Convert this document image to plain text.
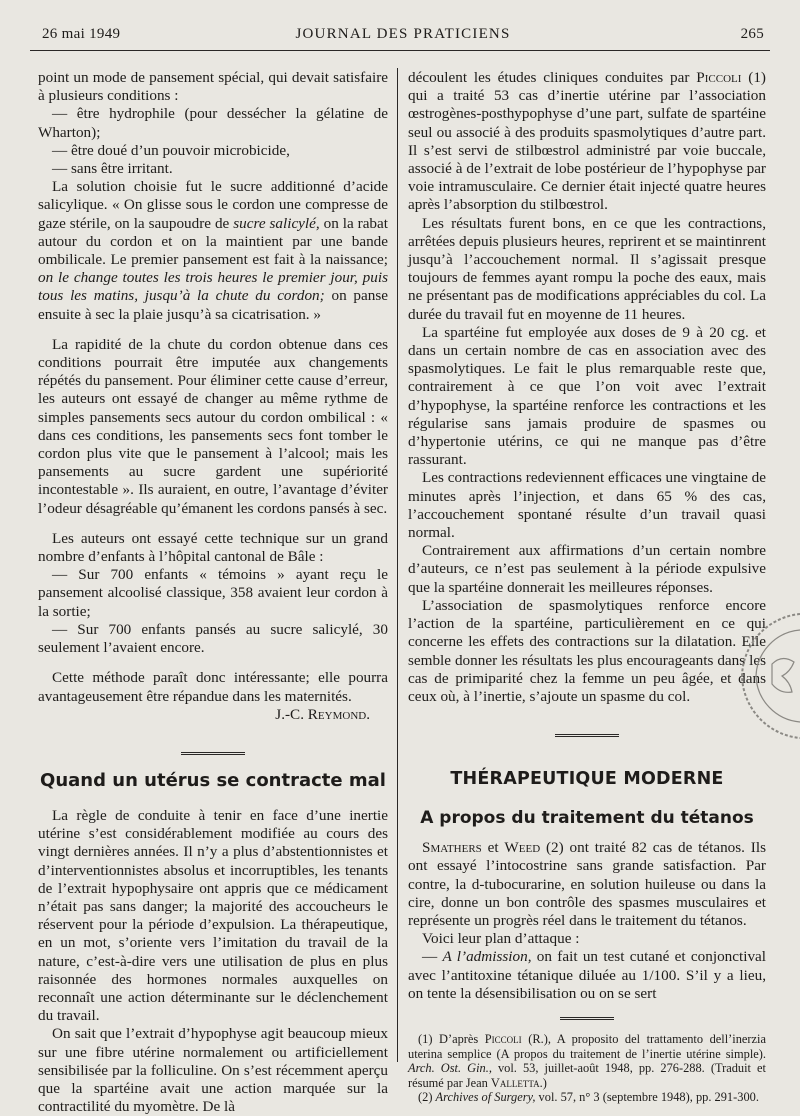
26 mai 1949	JOURNAL DES PRATICIENS	265

point un mode de pansement spécial, qui devait satisfaire à plusieurs conditions :

— être hydrophile (pour dessécher la gélatine de Wharton);

— être doué d’un pouvoir microbicide,

— sans être irritant.

La solution choisie fut le sucre additionné d’acide salicylique. « On glisse sous le cordon une compresse de gaze stérile, on la saupoudre de sucre salicylé, on la rabat autour du cordon et on la maintient par une bande ombilicale. Le premier pansement est fait à la naissance; on le change toutes les trois heures le premier jour, puis tous les matins, jusqu’à la chute du cordon; on panse ensuite à sec la plaie jusqu’à sa cicatrisation. »

La rapidité de la chute du cordon obtenue dans ces conditions pourrait être imputée aux changements répétés du pansement. Pour éliminer cette cause d’erreur, les auteurs ont essayé de changer au même rythme de simples pansements secs autour du cordon ombilical : « dans ces conditions, les pansements secs font tomber le cordon plus vite que le pansement à l’alcool; mais les pansements au sucre gardent une supériorité incontestable ». Ils auraient, en outre, l’avantage d’éviter l’odeur désagréable qu’émanent les cordons pansés à sec.

Les auteurs ont essayé cette technique sur un grand nombre d’enfants à l’hôpital cantonal de Bâle :

— Sur 700 enfants « témoins » ayant reçu le pansement alcoolisé classique, 358 avaient leur cordon à la sortie;

— Sur 700 enfants pansés au sucre salicylé, 30 seulement l’avaient encore.

Cette méthode paraît donc intéressante; elle pourra avantageusement être répandue dans les maternités.

J.-C. Reymond.

Quand un utérus se contracte mal

La règle de conduite à tenir en face d’une inertie utérine s’est considérablement modifiée au cours des vingt dernières années. Il n’y a plus d’abstentionnistes et d’interventionnistes absolus et incorruptibles, les tenants de l’extrait hypophysaire ont appris que ce médicament n’était pas sans danger; la majorité des accoucheurs le réservent pour la période d’expulsion. La thérapeutique, en un mot, s’oriente vers l’imitation du travail de la nature, c’est-à-dire vers une utilisation de plus en plus raisonnée des hormones normales auxquelles on reconnaît une action déterminante sur le déclenchement du travail.

On sait que l’extrait d’hypophyse agit beaucoup mieux sur une fibre utérine normalement ou artificiellement sensibilisée par la folliculine. On s’est récemment aperçu que la spartéine avait une action marquée sur la contractilité du myomètre. De là

découlent les études cliniques conduites par Piccoli (1) qui a traité 53 cas d’inertie utérine par l’association œstrogènes-posthypophyse d’une part, sulfate de spartéine seul ou associé à des produits spasmolytiques d’autre part. Il s’est servi de stilbœstrol administré par voie buccale, associé à de l’extrait de lobe postérieur de l’hypophyse par voie intramusculaire. Ce dernier était injecté quatre heures après l’absorption du stilbœstrol.

Les résultats furent bons, en ce que les contractions, arrêtées depuis plusieurs heures, reprirent et se maintinrent jusqu’à l’accouchement normal. Il s’agissait presque toujours de femmes ayant rompu la poche des eaux, mais ne présentant pas de modifications appréciables du col. La durée du travail fut en moyenne de 11 heures.

La spartéine fut employée aux doses de 9 à 20 cg. et dans un certain nombre de cas en association avec des spasmolytiques. Le fait le plus remarquable reste que, contrairement à ce que l’on voit avec l’extrait d’hypophyse, la spartéine renforce les contractions et les régularise sans jamais produire de spasmes ou d’hypertonie utérins, ce qui ne manque pas d’être rassurant.

Les contractions redeviennent efficaces une vingtaine de minutes après l’injection, et dans 65 % des cas, l’accouchement spontané résulte d’un travail quasi normal.

Contrairement aux affirmations d’un certain nombre d’auteurs, ce n’est pas seulement à la période expulsive que la spartéine donnerait les meilleures réponses.

L’association de spasmolytiques renforce encore l’action de la spartéine, particulièrement en ce qui concerne les effets des contractions sur la dilatation. Elle semble donner les résultats les plus encourageants dans les cas de primiparité chez la femme un peu âgée, et dans ceux où, à l’inertie, s’ajoute un spasme du col.

THÉRAPEUTIQUE MODERNE
A propos du traitement du tétanos

Smathers et Weed (2) ont traité 82 cas de tétanos. Ils ont essayé l’intocostrine sans grande satisfaction. Par contre, la d-tubocurarine, en solution huileuse ou dans la cire, donne un bon contrôle des spasmes musculaires et représente un progrès réel dans le traitement du tétanos.

Voici leur plan d’attaque :

— A l’admission, on fait un test cutané et conjonctival avec l’antitoxine tétanique diluée au 1/100. S’il y a lieu, on tente la désensibilisation ou on se sert

(1) D’après Piccoli (R.), A proposito del trattamento dell’inerzia uterina semplice (A propos du traitement de l’inertie utérine simple). Arch. Ost. Gin., vol. 53, juillet-août 1948, pp. 276-288. (Traduit et résumé par Jean Valletta.)

(2) Archives of Surgery, vol. 57, n° 3 (septembre 1948), pp. 291-300.
